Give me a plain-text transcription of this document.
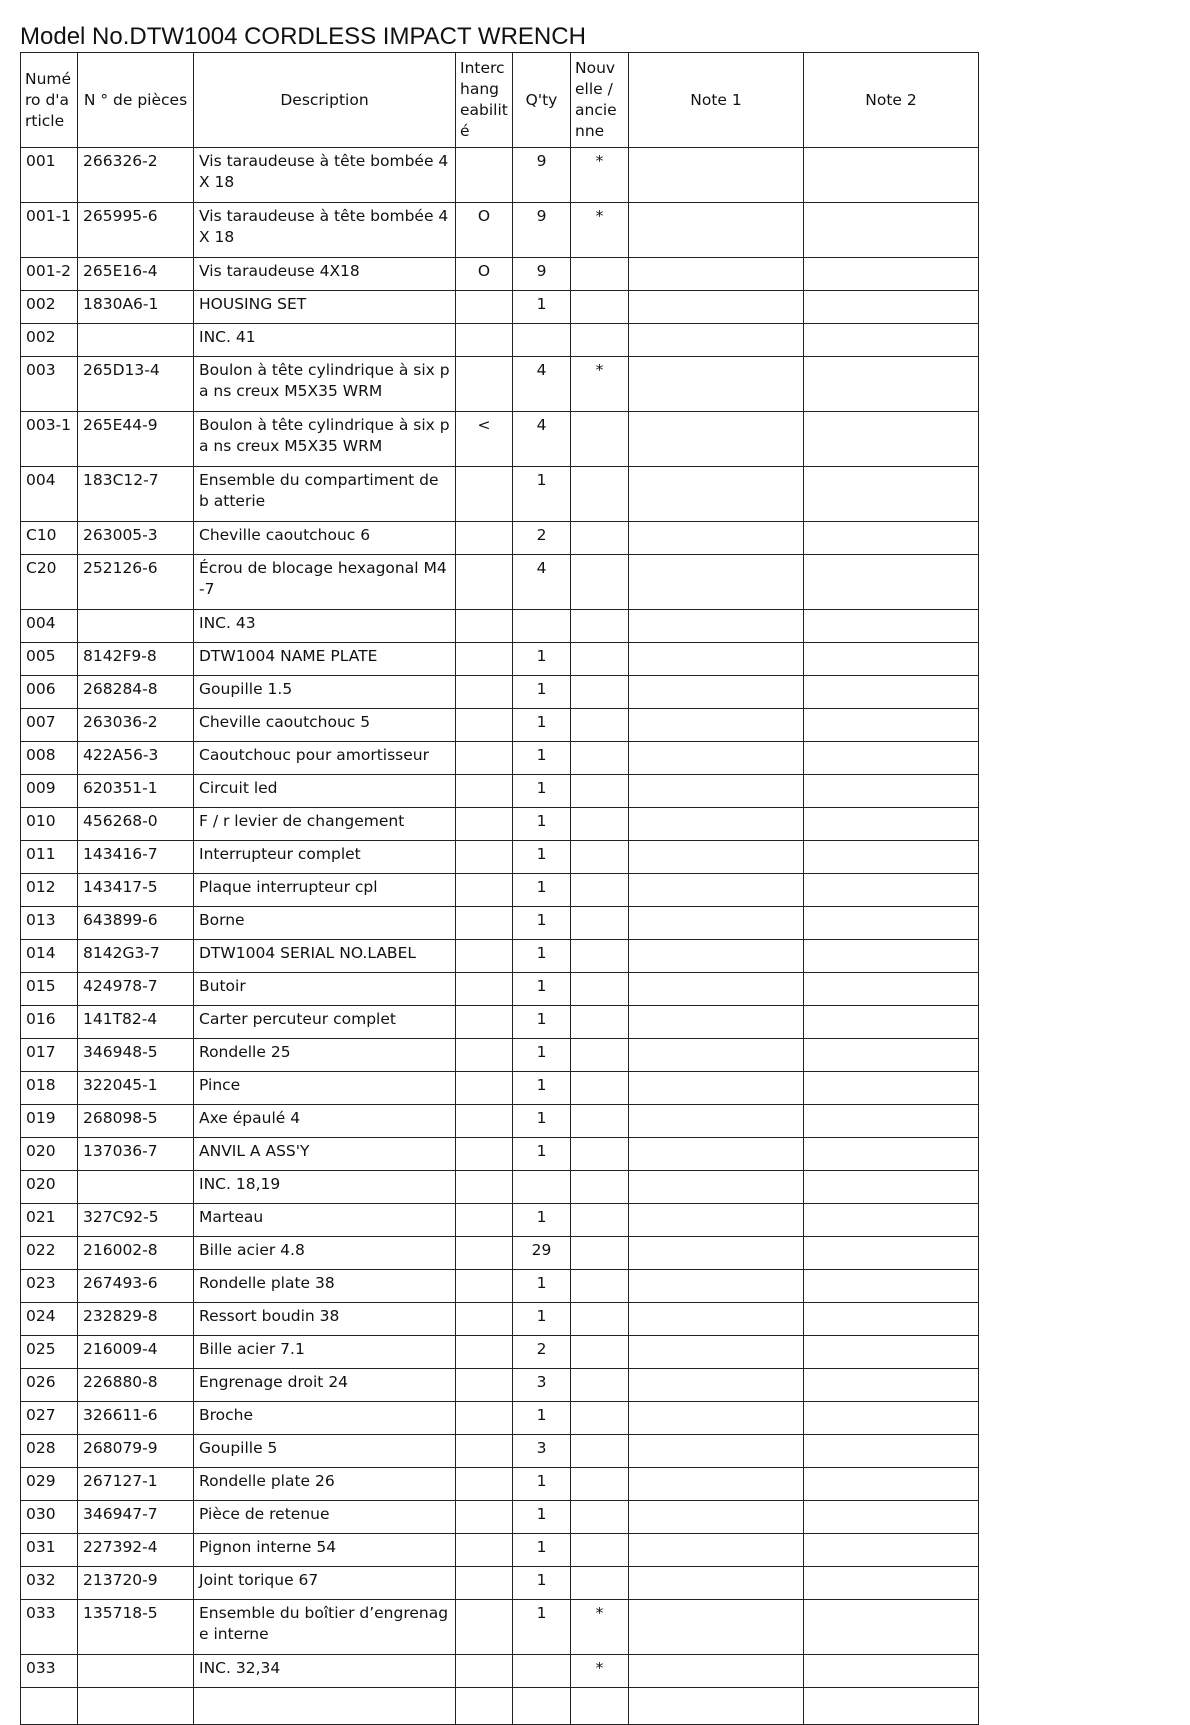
Model No.DTW1004 CORDLESS IMPACT WRENCH
Numé ro d'a rticle	N ° de pièces	Description	Interc hang eabilit é	Q'ty	Nouv elle / ancie nne	Note 1	Note 2
001	266326-2	Vis taraudeuse à tête bombée 4X 18		9	*		
001-1	265995-6	Vis taraudeuse à tête bombée 4X 18	O	9	*		
001-2	265E16-4	Vis taraudeuse 4X18	O	9			
002	1830A6-1	HOUSING SET		1			
002		INC. 41					
003	265D13-4	Boulon à tête cylindrique à six pa ns creux M5X35 WRM		4	*		
003-1	265E44-9	Boulon à tête cylindrique à six pa ns creux M5X35 WRM	<	4			
004	183C12-7	Ensemble du compartiment de b atterie		1			
C10	263005-3	Cheville caoutchouc 6		2			
C20	252126-6	Écrou de blocage hexagonal M4-7		4			
004		INC. 43					
005	8142F9-8	DTW1004 NAME PLATE		1			
006	268284-8	Goupille 1.5		1			
007	263036-2	Cheville caoutchouc 5		1			
008	422A56-3	Caoutchouc pour amortisseur		1			
009	620351-1	Circuit led		1			
010	456268-0	F / r levier de changement		1			
011	143416-7	Interrupteur complet		1			
012	143417-5	Plaque interrupteur cpl		1			
013	643899-6	Borne		1			
014	8142G3-7	DTW1004 SERIAL NO.LABEL		1			
015	424978-7	Butoir		1			
016	141T82-4	Carter percuteur complet		1			
017	346948-5	Rondelle 25		1			
018	322045-1	Pince		1			
019	268098-5	Axe épaulé 4		1			
020	137036-7	ANVIL A ASS'Y		1			
020		INC. 18,19					
021	327C92-5	Marteau		1			
022	216002-8	Bille acier 4.8		29			
023	267493-6	Rondelle plate 38		1			
024	232829-8	Ressort boudin 38		1			
025	216009-4	Bille acier 7.1		2			
026	226880-8	Engrenage droit 24		3			
027	326611-6	Broche		1			
028	268079-9	Goupille 5		3			
029	267127-1	Rondelle plate 26		1			
030	346947-7	Pièce de retenue		1			
031	227392-4	Pignon interne 54		1			
032	213720-9	Joint torique 67		1			
033	135718-5	Ensemble du boîtier d’engrenag e interne		1	*		
033		INC. 32,34			*		
